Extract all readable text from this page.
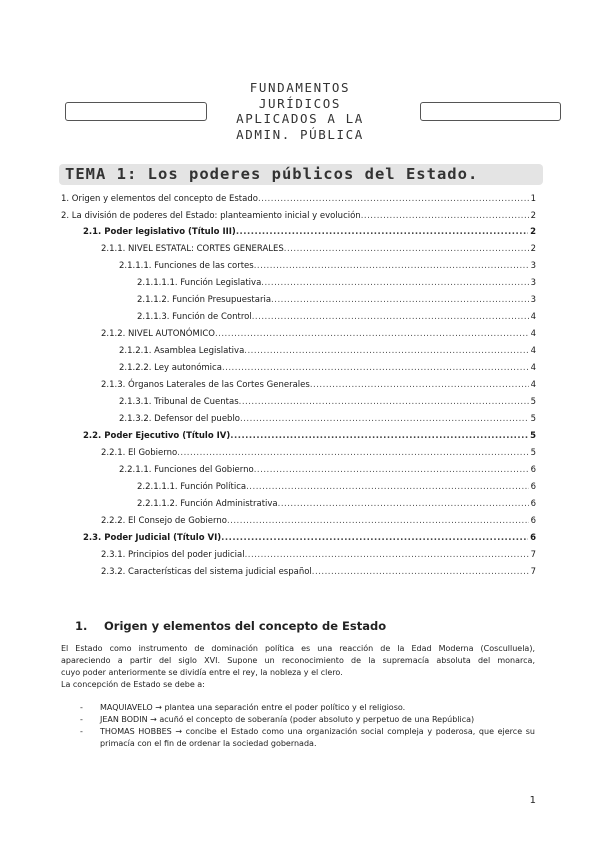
FUNDAMENTOS
JURÍDICOS
APLICADOS A LA
ADMIN. PÚBLICA
TEMA 1: Los poderes públicos del Estado.
1. Origen y elementos del concepto de Estado .....	1
2. La división de poderes del Estado: planteamiento inicial y evolución .....	2
2.1. Poder legislativo (Título III) .....	2
2.1.1. NIVEL ESTATAL: CORTES GENERALES .....	2
2.1.1.1. Funciones de las cortes .....	3
2.1.1.1.1. Función Legislativa .....	3
2.1.1.2. Función Presupuestaria .....	3
2.1.1.3. Función de Control .....	4
2.1.2. NIVEL AUTONÓMICO .....	4
2.1.2.1. Asamblea Legislativa .....	4
2.1.2.2. Ley autonómica .....	4
2.1.3. Órganos Laterales de las Cortes Generales .....	4
2.1.3.1. Tribunal de Cuentas .....	5
2.1.3.2. Defensor del pueblo .....	5
2.2. Poder Ejecutivo (Título IV) .....	5
2.2.1. El Gobierno .....	5
2.2.1.1. Funciones del Gobierno .....	6
2.2.1.1.1. Función Política .....	6
2.2.1.1.2. Función Administrativa .....	6
2.2.2. El Consejo de Gobierno .....	6
2.3. Poder Judicial (Título VI) .....	6
2.3.1. Principios del poder judicial .....	7
2.3.2. Características del sistema judicial español .....	7
1. Origen y elementos del concepto de Estado

El Estado como instrumento de dominación política es una reacción de la Edad Moderna (Cosculluela),

apareciendo a partir del siglo XVI. Supone un reconocimiento de la supremacía absoluta del monarca,

cuyo poder anteriormente se dividía entre el rey, la nobleza y el clero.

La concepción de Estado se debe a:

-	MAQUIAVELO → plantea una separación entre el poder político y el religioso.
-	JEAN BODIN → acuñó el concepto de soberanía (poder absoluto y perpetuo de una República)
-	THOMAS HOBBES → concibe el Estado como una organización social compleja y poderosa, que ejerce su primacía con el fin de ordenar la sociedad gobernada.
1
